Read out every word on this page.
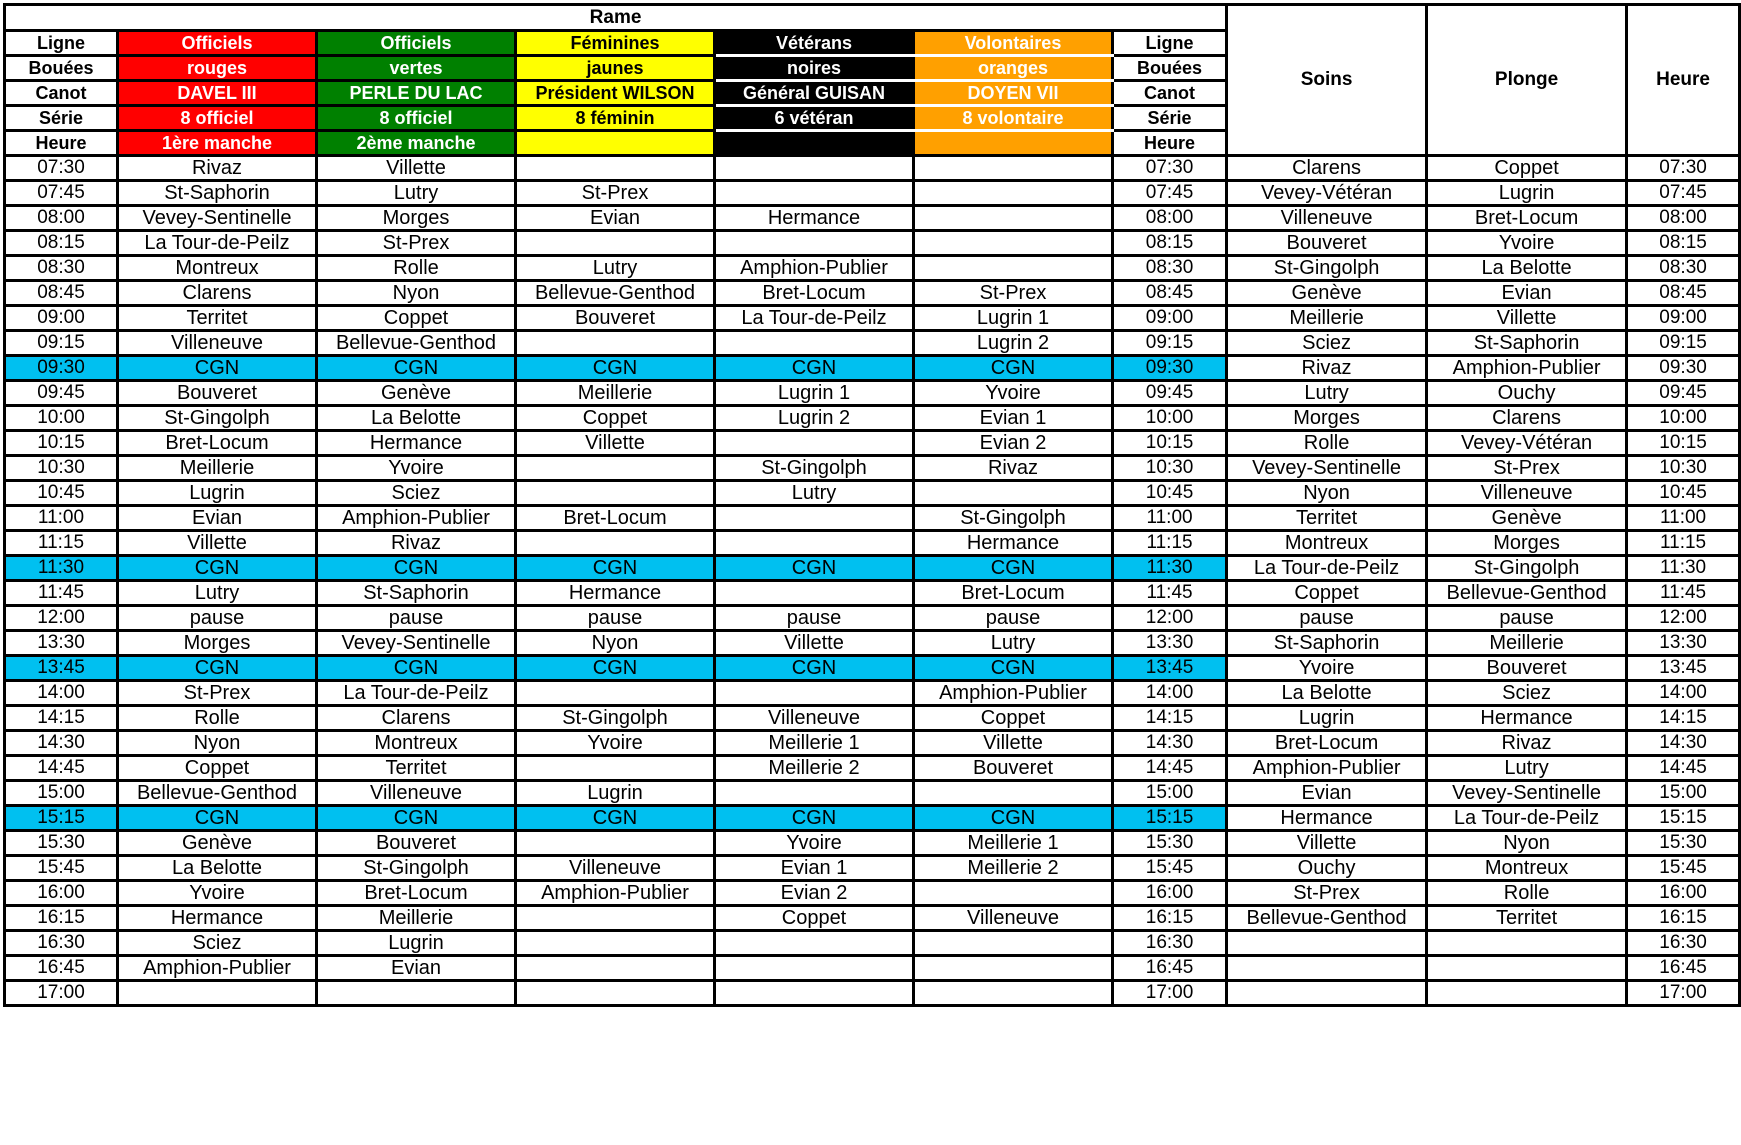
Rame							Soins	Plonge	Heure
Ligne	Officiels	Officiels	Féminines	Vétérans	Volontaires	Ligne			
Bouées	rouges	vertes	jaunes	noires	oranges	Bouées			
Canot	DAVEL III	PERLE DU LAC	Président WILSON	Général GUISAN	DOYEN VII	Canot			
Série	8 officiel	8 officiel	8 féminin	6 vétéran	8 volontaire	Série			
Heure	1ère manche	2ème manche				Heure			
07:30	Rivaz	Villette				07:30	Clarens	Coppet	07:30
07:45	St-Saphorin	Lutry	St-Prex			07:45	Vevey-Vétéran	Lugrin	07:45
08:00	Vevey-Sentinelle	Morges	Evian	Hermance		08:00	Villeneuve	Bret-Locum	08:00
08:15	La Tour-de-Peilz	St-Prex				08:15	Bouveret	Yvoire	08:15
08:30	Montreux	Rolle	Lutry	Amphion-Publier		08:30	St-Gingolph	La Belotte	08:30
08:45	Clarens	Nyon	Bellevue-Genthod	Bret-Locum	St-Prex	08:45	Genève	Evian	08:45
09:00	Territet	Coppet	Bouveret	La Tour-de-Peilz	Lugrin 1	09:00	Meillerie	Villette	09:00
09:15	Villeneuve	Bellevue-Genthod			Lugrin 2	09:15	Sciez	St-Saphorin	09:15
09:30	CGN	CGN	CGN	CGN	CGN	09:30	Rivaz	Amphion-Publier	09:30
09:45	Bouveret	Genève	Meillerie	Lugrin 1	Yvoire	09:45	Lutry	Ouchy	09:45
10:00	St-Gingolph	La Belotte	Coppet	Lugrin 2	Evian 1	10:00	Morges	Clarens	10:00
10:15	Bret-Locum	Hermance	Villette		Evian 2	10:15	Rolle	Vevey-Vétéran	10:15
10:30	Meillerie	Yvoire		St-Gingolph	Rivaz	10:30	Vevey-Sentinelle	St-Prex	10:30
10:45	Lugrin	Sciez		Lutry		10:45	Nyon	Villeneuve	10:45
11:00	Evian	Amphion-Publier	Bret-Locum		St-Gingolph	11:00	Territet	Genève	11:00
11:15	Villette	Rivaz			Hermance	11:15	Montreux	Morges	11:15
11:30	CGN	CGN	CGN	CGN	CGN	11:30	La Tour-de-Peilz	St-Gingolph	11:30
11:45	Lutry	St-Saphorin	Hermance		Bret-Locum	11:45	Coppet	Bellevue-Genthod	11:45
12:00	pause	pause	pause	pause	pause	12:00	pause	pause	12:00
13:30	Morges	Vevey-Sentinelle	Nyon	Villette	Lutry	13:30	St-Saphorin	Meillerie	13:30
13:45	CGN	CGN	CGN	CGN	CGN	13:45	Yvoire	Bouveret	13:45
14:00	St-Prex	La Tour-de-Peilz			Amphion-Publier	14:00	La Belotte	Sciez	14:00
14:15	Rolle	Clarens	St-Gingolph	Villeneuve	Coppet	14:15	Lugrin	Hermance	14:15
14:30	Nyon	Montreux	Yvoire	Meillerie 1	Villette	14:30	Bret-Locum	Rivaz	14:30
14:45	Coppet	Territet		Meillerie 2	Bouveret	14:45	Amphion-Publier	Lutry	14:45
15:00	Bellevue-Genthod	Villeneuve	Lugrin			15:00	Evian	Vevey-Sentinelle	15:00
15:15	CGN	CGN	CGN	CGN	CGN	15:15	Hermance	La Tour-de-Peilz	15:15
15:30	Genève	Bouveret		Yvoire	Meillerie 1	15:30	Villette	Nyon	15:30
15:45	La Belotte	St-Gingolph	Villeneuve	Evian 1	Meillerie 2	15:45	Ouchy	Montreux	15:45
16:00	Yvoire	Bret-Locum	Amphion-Publier	Evian 2		16:00	St-Prex	Rolle	16:00
16:15	Hermance	Meillerie		Coppet	Villeneuve	16:15	Bellevue-Genthod	Territet	16:15
16:30	Sciez	Lugrin				16:30			16:30
16:45	Amphion-Publier	Evian				16:45			16:45
17:00						17:00			17:00
